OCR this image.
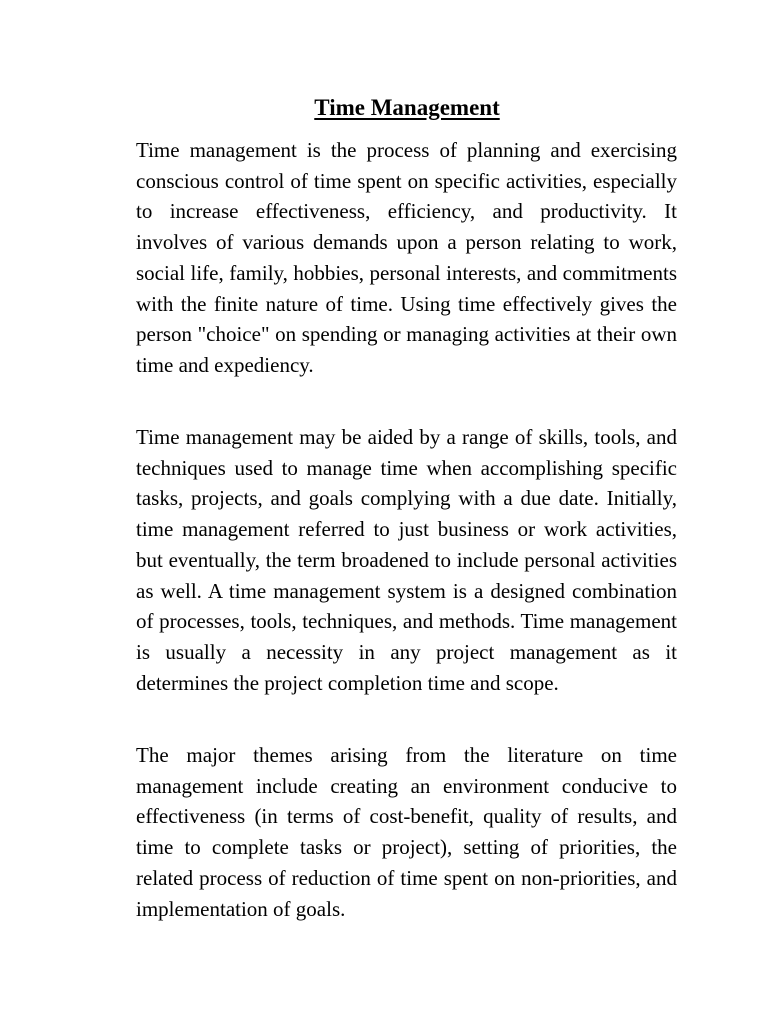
Time Management

Time management is the process of planning and exercising conscious control of time spent on specific activities, especially to increase effectiveness, efficiency, and productivity. It involves of various demands upon a person relating to work, social life, family, hobbies, personal interests, and commitments with the finite nature of time. Using time effectively gives the person "choice" on spending or managing activities at their own time and expediency.

Time management may be aided by a range of skills, tools, and techniques used to manage time when accomplishing specific tasks, projects, and goals complying with a due date. Initially, time management referred to just business or work activities, but eventually, the term broadened to include personal activities as well. A time management system is a designed combination of processes, tools, techniques, and methods. Time management is usually a necessity in any project management as it determines the project completion time and scope.

The major themes arising from the literature on time management include creating an environment conducive to effectiveness (in terms of cost-benefit, quality of results, and time to complete tasks or project), setting of priorities, the related process of reduction of time spent on non-priorities, and implementation of goals.
